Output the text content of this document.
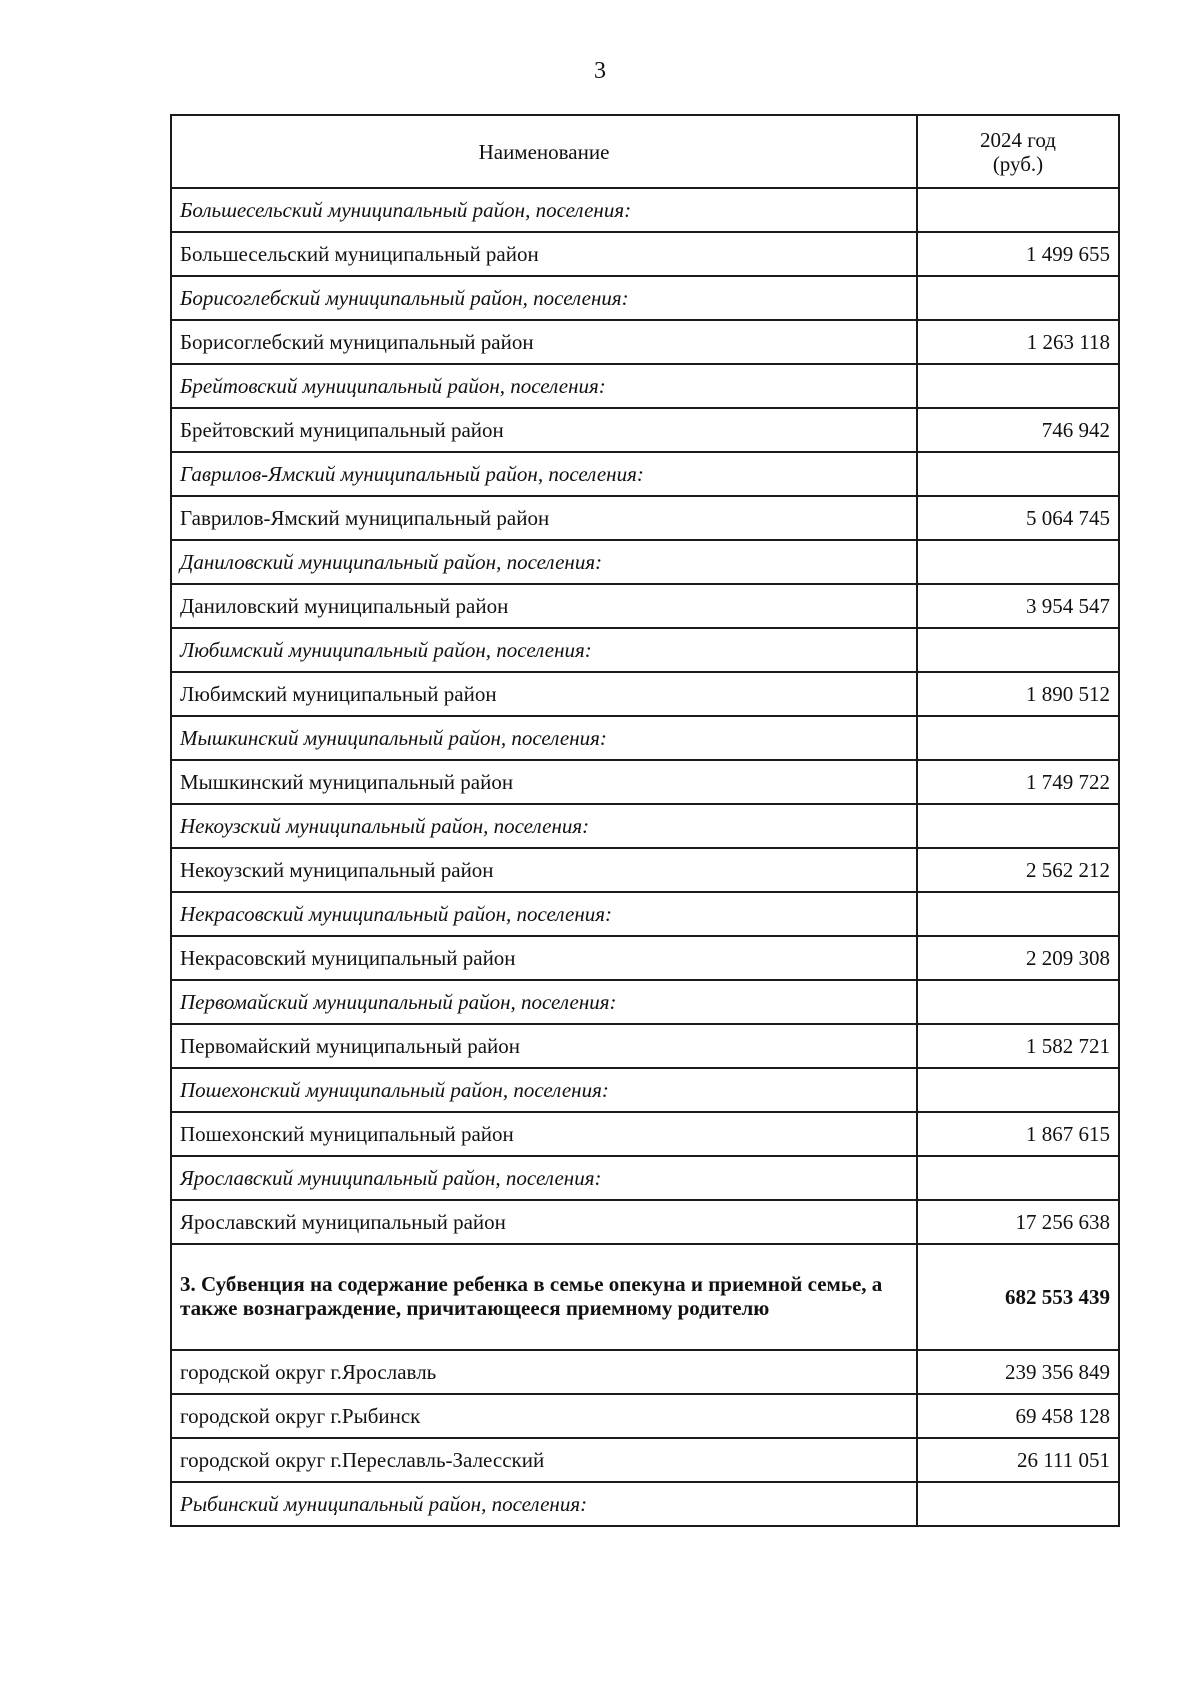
3
Наименование	2024 год
(руб.)

Большесельский муниципальный район, поселения:	
Большесельский муниципальный район	1 499 655
Борисоглебский муниципальный район, поселения:	
Борисоглебский муниципальный район	1 263 118
Брейтовский муниципальный район, поселения:	
Брейтовский муниципальный район	746 942
Гаврилов-Ямский муниципальный район, поселения:	
Гаврилов-Ямский муниципальный район	5 064 745
Даниловский муниципальный район, поселения:	
Даниловский муниципальный район	3 954 547
Любимский муниципальный район, поселения:	
Любимский муниципальный район	1 890 512
Мышкинский муниципальный район, поселения:	
Мышкинский муниципальный район	1 749 722
Некоузский муниципальный район, поселения:	
Некоузский муниципальный район	2 562 212
Некрасовский муниципальный район, поселения:	
Некрасовский муниципальный район	2 209 308
Первомайский муниципальный район, поселения:	
Первомайский муниципальный район	1 582 721
Пошехонский муниципальный район, поселения:	
Пошехонский муниципальный район	1 867 615
Ярославский муниципальный район, поселения:	
Ярославский муниципальный район	17 256 638
3. Субвенция на содержание ребенка в семье опекуна и приемной семье, а также вознаграждение, причитающееся приемному родителю	682 553 439
городской округ г.Ярославль	239 356 849
городской округ г.Рыбинск	69 458 128
городской округ г.Переславль-Залесский	26 111 051
Рыбинский муниципальный район, поселения:	
